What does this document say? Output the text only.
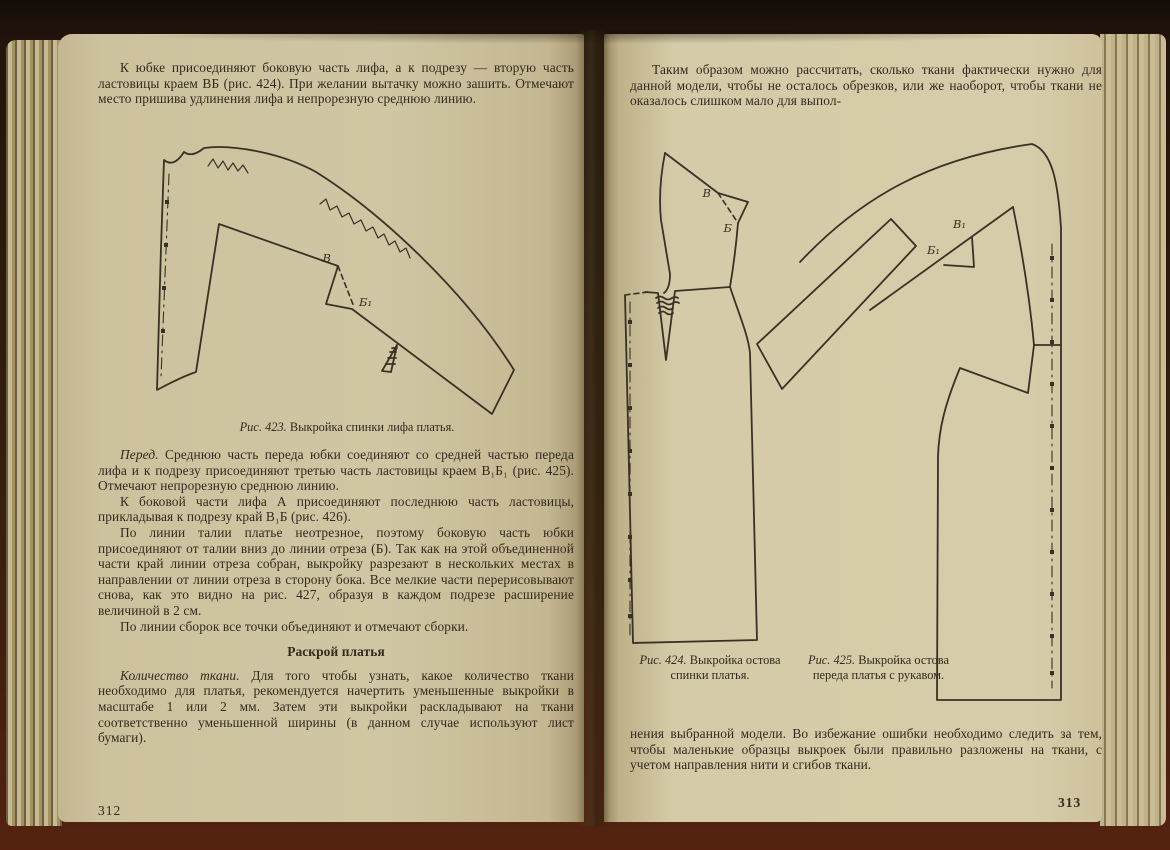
К юбке присоединяют боковую часть лифа, а к подрезу — вторую часть ластовицы краем ВБ (рис. 424). При желании вытачку можно зашить. Отмечают место пришива удлинения лифа и непрорезную среднюю линию.

В
Б₁
Рис. 423. Выкройка спинки лифа платья.

Перед. Среднюю часть переда юбки соединяют со средней частью переда лифа и к подрезу присоединяют третью часть ластовицы краем В₁Б₁ (рис. 425). Отмечают непрорезную среднюю линию.

К боковой части лифа А присоединяют последнюю часть ластовицы, прикладывая к подрезу край В₁Б (рис. 426).

По линии талии платье неотрезное, поэтому боковую часть юбки присоединяют от талии вниз до линии отреза (Б). Так как на этой объединенной части край линии отреза собран, выкройку разрезают в нескольких местах в направлении от линии отреза в сторону бока. Все мелкие части перерисовывают снова, как это видно на рис. 427, образуя в каждом подрезе расширение величиной в 2 см.

По линии сборок все точки объединяют и отмечают сборки.

Раскрой платья

Количество ткани. Для того чтобы узнать, какое количество ткани необходимо для платья, рекомендуется начертить уменьшенные выкройки в масштабе 1 или 2 мм. Затем эти выкройки раскладывают на ткани соответственно уменьшенной ширины (в данном случае используют лист бумаги).

312

Таким образом можно рассчитать, сколько ткани фактически нужно для данной модели, чтобы не осталось обрезков, или же наоборот, чтобы ткани не оказалось слишком мало для выпол-

В
Б	В₁
Б₁
Рис. 424. Выкройка остова спинки платья.
Рис. 425. Выкройка остова переда платья с рукавом.

нения выбранной модели. Во избежание ошибки необходимо следить за тем, чтобы маленькие образцы выкроек были правильно разложены на ткани, с учетом направления нити и сгибов ткани.

313
